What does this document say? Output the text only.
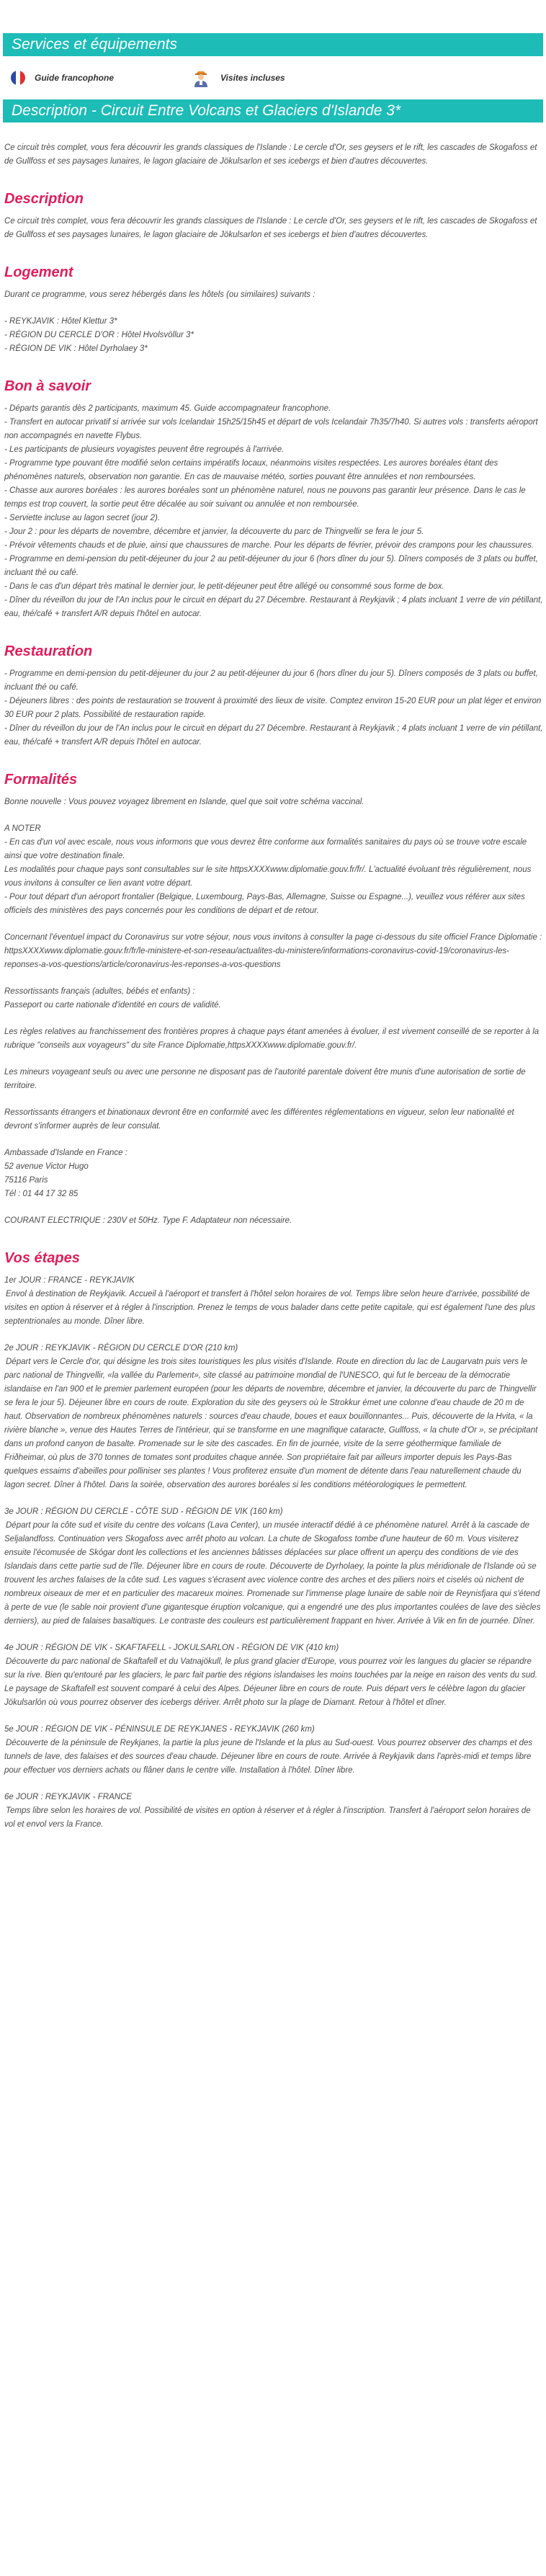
Services et équipements
Guide francophone	Visites incluses
Description - Circuit Entre Volcans et Glaciers d'Islande 3*

Ce circuit très complet, vous fera découvrir les grands classiques de l'Islande : Le cercle d'Or, ses geysers et le rift, les cascades de Skogafoss et de Gullfoss et ses paysages lunaires, le lagon glaciaire de Jökulsarlon et ses icebergs et bien d'autres découvertes.

Description

Ce circuit très complet, vous fera découvrir les grands classiques de l'Islande : Le cercle d'Or, ses geysers et le rift, les cascades de Skogafoss et de Gullfoss et ses paysages lunaires, le lagon glaciaire de Jökulsarlon et ses icebergs et bien d'autres découvertes.

Logement

Durant ce programme, vous serez hébergés dans les hôtels (ou similaires) suivants :

- REYKJAVIK : Hôtel Klettur 3*

- RÉGION DU CERCLE D'OR : Hôtel Hvolsvöllur 3*

- RÉGION DE VIK : Hôtel Dyrholaey 3*

Bon à savoir

- Départs garantis dès 2 participants, maximum 45. Guide accompagnateur francophone.
- Transfert en autocar privatif si arrivée sur vols Icelandair 15h25/15h45 et départ de vols Icelandair 7h35/7h40. Si autres vols : transferts aéroport non accompagnés en navette Flybus.
- Les participants de plusieurs voyagistes peuvent être regroupés à l'arrivée.
- Programme type pouvant être modifié selon certains impératifs locaux, néanmoins visites respectées. Les aurores boréales étant des phénomènes naturels, observation non garantie. En cas de mauvaise météo, sorties pouvant être annulées et non remboursées.
- Chasse aux aurores boréales : les aurores boréales sont un phénomène naturel, nous ne pouvons pas garantir leur présence. Dans le cas le temps est trop couvert, la sortie peut être décalée au soir suivant ou annulée et non remboursée.
- Serviette incluse au lagon secret (jour 2).
- Jour 2 : pour les départs de novembre, décembre et janvier, la découverte du parc de Thingvellir se fera le jour 5.
- Prévoir vêtements chauds et de pluie, ainsi que chaussures de marche. Pour les départs de février, prévoir des crampons pour les chaussures.
- Programme en demi-pension du petit-déjeuner du jour 2 au petit-déjeuner du jour 6 (hors dîner du jour 5). Dîners composés de 3 plats ou buffet, incluant thé ou café.
- Dans le cas d'un départ très matinal le dernier jour, le petit-déjeuner peut être allégé ou consommé sous forme de box.
- Dîner du réveillon du jour de l'An inclus pour le circuit en départ du 27 Décembre. Restaurant à Reykjavik ; 4 plats incluant 1 verre de vin pétillant, eau, thé/café + transfert A/R depuis l'hôtel en autocar.

Restauration

- Programme en demi-pension du petit-déjeuner du jour 2 au petit-déjeuner du jour 6 (hors dîner du jour 5). Dîners composés de 3 plats ou buffet, incluant thé ou café.
- Déjeuners libres : des points de restauration se trouvent à proximité des lieux de visite. Comptez environ 15-20 EUR pour un plat léger et environ 30 EUR pour 2 plats. Possibilité de restauration rapide.
- Dîner du réveillon du jour de l'An inclus pour le circuit en départ du 27 Décembre. Restaurant à Reykjavik ; 4 plats incluant 1 verre de vin pétillant, eau, thé/café + transfert A/R depuis l'hôtel en autocar.

Formalités

Bonne nouvelle : Vous pouvez voyagez librement en Islande, quel que soit votre schéma vaccinal.

A NOTER
- En cas d'un vol avec escale, nous vous informons que vous devrez être conforme aux formalités sanitaires du pays où se trouve votre escale ainsi que votre destination finale.
Les modalités pour chaque pays sont consultables sur le site httpsXXXXwww.diplomatie.gouv.fr/fr/. L'actualité évoluant très régulièrement, nous vous invitons à consulter ce lien avant votre départ.
- Pour tout départ d'un aéroport frontalier (Belgique, Luxembourg, Pays-Bas, Allemagne, Suisse ou Espagne...), veuillez vous référer aux sites officiels des ministères des pays concernés pour les conditions de départ et de retour.

Concernant l'éventuel impact du Coronavirus sur votre séjour, nous vous invitons à consulter la page ci-dessous du site officiel France Diplomatie :
httpsXXXXwww.diplomatie.gouv.fr/fr/le-ministere-et-son-reseau/actualites-du-ministere/informations-coronavirus-covid-19/coronavirus-les-reponses-a-vos-questions/article/coronavirus-les-reponses-a-vos-questions

Ressortissants français (adultes, bébés et enfants) :
Passeport ou carte nationale d'identité en cours de validité.

Les règles relatives au franchissement des frontières propres à chaque pays étant amenées à évoluer, il est vivement conseillé de se reporter à la rubrique "conseils aux voyageurs" du site France Diplomatie,httpsXXXXwww.diplomatie.gouv.fr/.

Les mineurs voyageant seuls ou avec une personne ne disposant pas de l'autorité parentale doivent être munis d'une autorisation de sortie de territoire.

Ressortissants étrangers et binationaux devront être en conformité avec les différentes réglementations en vigueur, selon leur nationalité et devront s'informer auprès de leur consulat.

Ambassade d'Islande en France :
52 avenue Victor Hugo
75116 Paris
Tél : 01 44 17 32 85

COURANT ELECTRIQUE : 230V et 50Hz. Type F. Adaptateur non nécessaire.

Vos étapes
1er JOUR : FRANCE - REYKJAVIK
Envol à destination de Reykjavik. Accueil à l'aéroport et transfert à l'hôtel selon horaires de vol. Temps libre selon heure d'arrivée, possibilité de visites en option à réserver et à régler à l'inscription. Prenez le temps de vous balader dans cette petite capitale, qui est également l'une des plus septentrionales au monde. Dîner libre.
2e JOUR : REYKJAVIK - RÉGION DU CERCLE D'OR (210 km)
Départ vers le Cercle d'or, qui désigne les trois sites touristiques les plus visités d'Islande. Route en direction du lac de Laugarvatn puis vers le parc national de Thingvellir, «la vallée du Parlement», site classé au patrimoine mondial de l'UNESCO, qui fut le berceau de la démocratie islandaise en l'an 900 et le premier parlement européen (pour les départs de novembre, décembre et janvier, la découverte du parc de Thingvellir se fera le jour 5). Déjeuner libre en cours de route. Exploration du site des geysers où le Strokkur émet une colonne d'eau chaude de 20 m de haut. Observation de nombreux phénomènes naturels : sources d'eau chaude, boues et eaux bouillonnantes... Puis, découverte de la Hvita, « la rivière blanche », venue des Hautes Terres de l'intérieur, qui se transforme en une magnifique cataracte, Gullfoss, « la chute d'Or », se précipitant dans un profond canyon de basalte. Promenade sur le site des cascades. En fin de journée, visite de la serre géothermique familiale de Friðheimar, où plus de 370 tonnes de tomates sont produites chaque année. Son propriétaire fait par ailleurs importer depuis les Pays-Bas quelques essaims d'abeilles pour polliniser ses plantes ! Vous profiterez ensuite d'un moment de détente dans l'eau naturellement chaude du lagon secret. Dîner à l'hôtel. Dans la soirée, observation des aurores boréales si les conditions météorologiques le permettent.
3e JOUR : RÉGION DU CERCLE - CÔTE SUD - RÉGION DE VIK (160 km)
Départ pour la côte sud et visite du centre des volcans (Lava Center), un musée interactif dédié à ce phénomène naturel. Arrêt à la cascade de Seljalandfoss. Continuation vers Skogafoss avec arrêt photo au volcan. La chute de Skogafoss tombe d'une hauteur de 60 m. Vous visiterez ensuite l'écomusée de Skógar dont les collections et les anciennes bâtisses déplacées sur place offrent un aperçu des conditions de vie des Islandais dans cette partie sud de l'île. Déjeuner libre en cours de route. Découverte de Dyrholaey, la pointe la plus méridionale de l'Islande où se trouvent les arches falaises de la côte sud. Les vagues s'écrasent avec violence contre des arches et des piliers noirs et ciselés où nichent de nombreux oiseaux de mer et en particulier des macareux moines. Promenade sur l'immense plage lunaire de sable noir de Reynisfjara qui s'étend à perte de vue (le sable noir provient d'une gigantesque éruption volcanique, qui a engendré une des plus importantes coulées de lave des siècles derniers), au pied de falaises basaltiques. Le contraste des couleurs est particulièrement frappant en hiver. Arrivée à Vik en fin de journée. Dîner.
4e JOUR : RÉGION DE VIK - SKAFTAFELL - JOKULSARLON - RÉGION DE VIK (410 km)
Découverte du parc national de Skaftafell et du Vatnajökull, le plus grand glacier d'Europe, vous pourrez voir les langues du glacier se répandre sur la rive. Bien qu'entouré par les glaciers, le parc fait partie des régions islandaises les moins touchées par la neige en raison des vents du sud. Le paysage de Skaftafell est souvent comparé à celui des Alpes. Déjeuner libre en cours de route. Puis départ vers le célèbre lagon du glacier Jökulsarlón où vous pourrez observer des icebergs dériver. Arrêt photo sur la plage de Diamant. Retour à l'hôtel et dîner.
5e JOUR : RÉGION DE VIK - PÉNINSULE DE REYKJANES - REYKJAVIK (260 km)
Découverte de la péninsule de Reykjanes, la partie la plus jeune de l'Islande et la plus au Sud-ouest. Vous pourrez observer des champs et des tunnels de lave, des falaises et des sources d'eau chaude. Déjeuner libre en cours de route. Arrivée à Reykjavik dans l'après-midi et temps libre pour effectuer vos derniers achats ou flâner dans le centre ville. Installation à l'hôtel. Dîner libre.
6e JOUR : REYKJAVIK - FRANCE
Temps libre selon les horaires de vol. Possibilité de visites en option à réserver et à régler à l'inscription. Transfert à l'aéroport selon horaires de vol et envol vers la France.
